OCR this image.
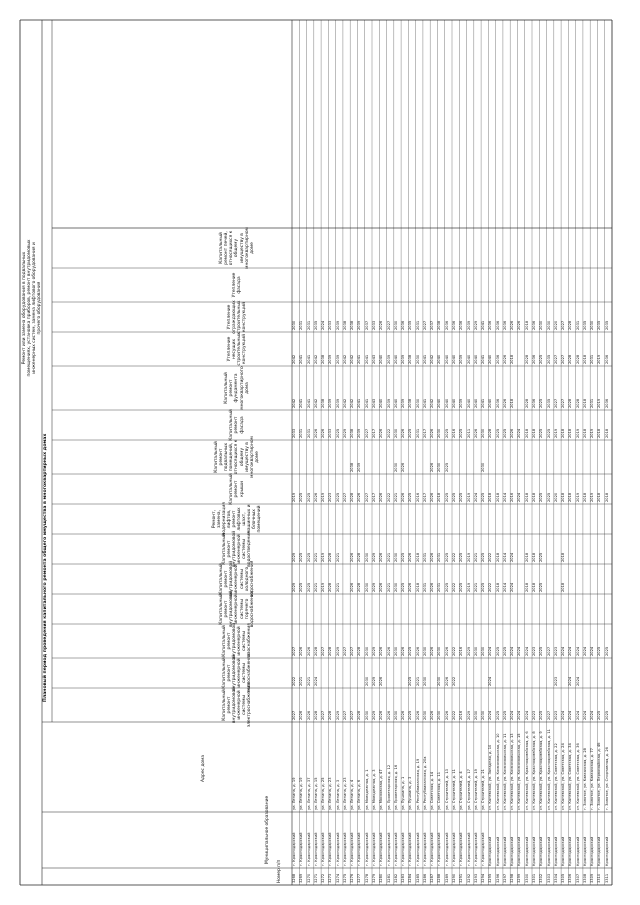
Капитальный ремонт внутридомовой инженерной системы электроснабжения
Капитальный ремонт внутридомовой инженерной системы теплоснабжения
Капитальный ремонт внутридомовой инженерной системы газоснабжения
Капитальный ремонт внутридомовой инженерной системы горячего водоснабжения
Капитальный ремонт внутридомовой инженерной системы холодного водоснабжения
Капитальный ремонт внутридомовой инженерной системы водоотведения
Ремонт, замена, модернизация лифтов, ремонт лифтовых шахт, машинных и блочных помещений
Капитальный ремонт крыши
Капитальный ремонт подвальных помещений, относящихся к общему имуществу в многоквартирном доме
Капитальный ремонт фасада
Капитальный ремонт фундамента многоквартирного дома
Утепление несущих строительных конструкций
Утепление ограждающих строительных конструкций
Утепление фасада
Капитальный ремонт печей, относящихся к общему имуществу в многоквартирном доме
3268
г. Краснодарский
ул. Ленина, д. 19
2027
2022
2027
2029
2029
2019
2033
2042
2042
2030
3269
г. Краснодарский
ул. Ленина, д. 19
2026
2021
2026
2025
2025
2025
2031
2041
2041
2031
3270
г. Краснодарский
ул. Ленина, д. 37
2026
2021
2026
2025
2025
2025
2031
2041
2041
2031
3271
г. Краснодарский
ул. Ленина, д. 15
2028
2024
2028
2021
2021
2026
2026
2042
2042
2035
3272
г. Краснодарский
ул. Ленина, д. 25
2027
2027
2019
2019
2019
2026
2038
2038
2024
3273
г. Краснодарский
ул. Ленина, д. 23
2028
2028
2028
2028
2023
2033
2039
2039
2033
3274
г. Краснодарский
ул. Ленина, д. 3
2029
2029
2021
2021
2025
2025
2039
2039
2039
3275
г. Краснодарский
ул. Ленина, д. 23
2027
2027
2027
2029
2042
2042
2038
3276
г. Краснодарский
ул. Ленина, д. 4
2027
2027
2026
2026
2028
2038
2038
2042
2042
2038
3277
г. Краснодарский
ул. Ленина, д. 6
2028
2028
2028
2028
2026
2039
2039
2041
2041
2039
3278
г. Краснодарский
ул. Молодежная, д. 1
2030
2030
2030
2030
2030
2027
2027
2041
2041
2037
3279
г. Краснодарский
ул. Молодежная, д. 3
2029
2029
2029
2029
2029
2017
2017
2043
2043
2033
3280
г. Краснодарский
ул. Московская, д. 47
2026
2026
2026
2026
2026
2026
2026
2040
2040
2026
3281
г. Краснодарский
ул. Пролетарская, д. 12
2026
2026
2021
2021
2022
2022
2039
2039
2027
3282
г. Краснодарский
ул. Пролетарская, д. 16
2030
2030
2030
2030
2021
2030
2030
2040
2040
2030
3283
г. Краснодарский
ул. Пушкина, д. 1
2026
2026
2025
2025
2026
2026
2026
2039
2039
2036
3284
г. Краснодарский
ул. Пушкина, д. 3
2025
2025
2025
2026
2026
2025
2025
2038
2038
2035
3285
г. Краснодарский
ул. Республиканская, д. 19
2026
2021
2026
2018
2018
2016
2031
2030
2030
2031
3286
г. Краснодарский
ул. Республиканская, д. 20а
2030
2030
2030
2031
2031
2017
2017
2041
2041
2027
3287
г. Краснодарский
ул. Советская, д. 14
2026
2026
2026
2026
2026
2026
2026
2042
2042
2037
3288
г. Краснодарский
ул. Советская, д. 11
2030
2030
2030
2031
2031
2018
2030
2030
2040
2040
2038
3289
г. Краснодарский
ул. Строителей, д. 13
2026
2026
2026
2025
2025
2025
2025
2025
2040
2040
2036
3290
г. Краснодарский
ул. Строителей, д. 11
2022
2022
2022
2022
2022
2025
2016
2040
2040
2036
3291
г. Краснодарский
ул. Строителей, д. 4
2016
2016
2025
2025
2025
2025
2039
2039
2036
3292
г. Краснодарский
ул. Строителей, д. 17
2029
2029
2019
2019
2019
2011
2040
2040
2039
3293
г. Краснодарский
ул. Строителей, д. 19
2030
2030
2021
2021
2024
2026
2040
2040
2029
3294
г. Краснодарский
ул. Строителей, д. 21
2030
2030
2025
2025
2025
2030
2030
2041
2041
2041
3295
Краснодарский
ст. Каневской, ул. Западная, д. 10
2024
2024
2024
2022
2022
2018
2028
2040
2040
2036
3296
Краснодарский
ст. Каневской, ул. Комсомольская, д. 10
2025
2025
2018
2018
2018
2025
2036
2036
2036
3297
Краснодарский
ст. Каневской, ул. Комсомольская, д. 11
2025
2025
2014
2014
2014
2025
2026
2026
2036
3298
Краснодарский
ст. Каневской, ул. Комсомольская, д. 13
2024
2024
2024
2024
2016
2026
2018
2018
2026
3299
Краснодарский
ст. Каневской, ул. Комсомольская, д. 15
2024
2024
2024
2024
2026
3300
Краснодарский
ст. Каневской, ул. Красноармейская, д. 6
2024
2024
2018
2018
2018
2018
2028
2028
2018
3301
Краснодарский
ст. Каневской, ул. Красноармейская, д. 8
2023
2023
2018
2018
2018
2018
2036
2036
2036
3302
Краснодарский
ст. Каневской, ул. Красноармейская, д. 9
2025
2025
2025
2025
2025
2025
2025
2025
2030
3303
Краснодарский
ст. Каневской, ул. Красноармейская, д. 11
2027
2027
2025
2025
2035
2035
2030
3304
Краснодарский
ст. Каневской, ул. Советская, д. 22
2023
2023
2023
2020
2019
2027
2027
2020
3305
Краснодарский
ст. Каневской, ул. Советская, д. 24
2024
2024
2018
2018
2018
2018
2027
2027
2027
3306
Краснодарский
ст. Каневской, ул. Советская, д. 34
2024
2024
2024
2018
2018
2028
2028
2028
3307
Краснодарский
ст. Каневской, ул. Советская, д. 36
2024
2024
2024
2019
2019
2028
2028
2031
3308
Краснодарский
г. Золотое, ул. Кавказская, д. 28
2024
2024
2018
2018
2018
2018
2035
3309
Краснодарский
г. Золотое, ул. Кавказская, д. 77
2024
2024
2019
2019
2031
2031
2030
3310
Краснодарский
г. Золотое, ул. Первомайская, д. 4б
2025
2025
2018
2018
2019
2019
2035
3311
Краснодарский
г. Золотое, ул. Спортивная, д. 26
2025
2025
2018
2018
2036
2036
2035
Плановый период проведения капитального ремонта общего имущества в многоквартирных домах
Номер п/п
Муниципальное образование
Адрес дома
Ремонт или замена оборудования в подвальных помещениях, установка приборов, ремонт внутридомовых инженерных систем, замена лифтового оборудования и прочего оборудования
